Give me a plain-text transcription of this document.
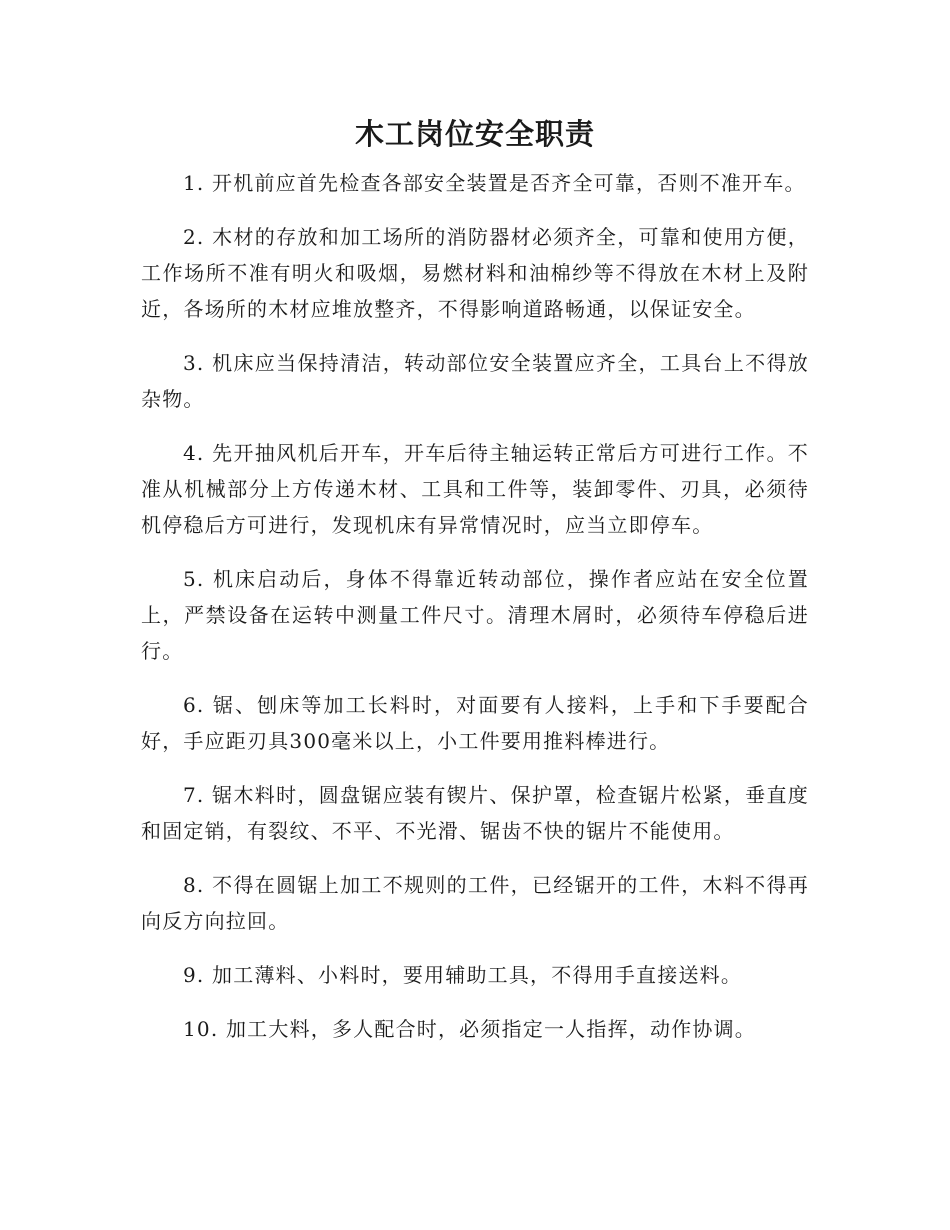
木工岗位安全职责

1. 开机前应首先检查各部安全装置是否齐全可靠，否则不准开车。

2. 木材的存放和加工场所的消防器材必须齐全，可靠和使用方便，工作场所不准有明火和吸烟，易燃材料和油棉纱等不得放在木材上及附近，各场所的木材应堆放整齐，不得影响道路畅通，以保证安全。

3. 机床应当保持清洁，转动部位安全装置应齐全，工具台上不得放杂物。

4. 先开抽风机后开车，开车后待主轴运转正常后方可进行工作。不准从机械部分上方传递木材、工具和工件等，装卸零件、刃具，必须待机停稳后方可进行，发现机床有异常情况时，应当立即停车。

5. 机床启动后，身体不得靠近转动部位，操作者应站在安全位置上，严禁设备在运转中测量工件尺寸。清理木屑时，必须待车停稳后进行。

6. 锯、刨床等加工长料时，对面要有人接料，上手和下手要配合好，手应距刃具300毫米以上，小工件要用推料棒进行。

7. 锯木料时，圆盘锯应装有锲片、保护罩，检查锯片松紧，垂直度和固定销，有裂纹、不平、不光滑、锯齿不快的锯片不能使用。

8. 不得在圆锯上加工不规则的工件，已经锯开的工件，木料不得再向反方向拉回。

9. 加工薄料、小料时，要用辅助工具，不得用手直接送料。

10. 加工大料，多人配合时，必须指定一人指挥，动作协调。
